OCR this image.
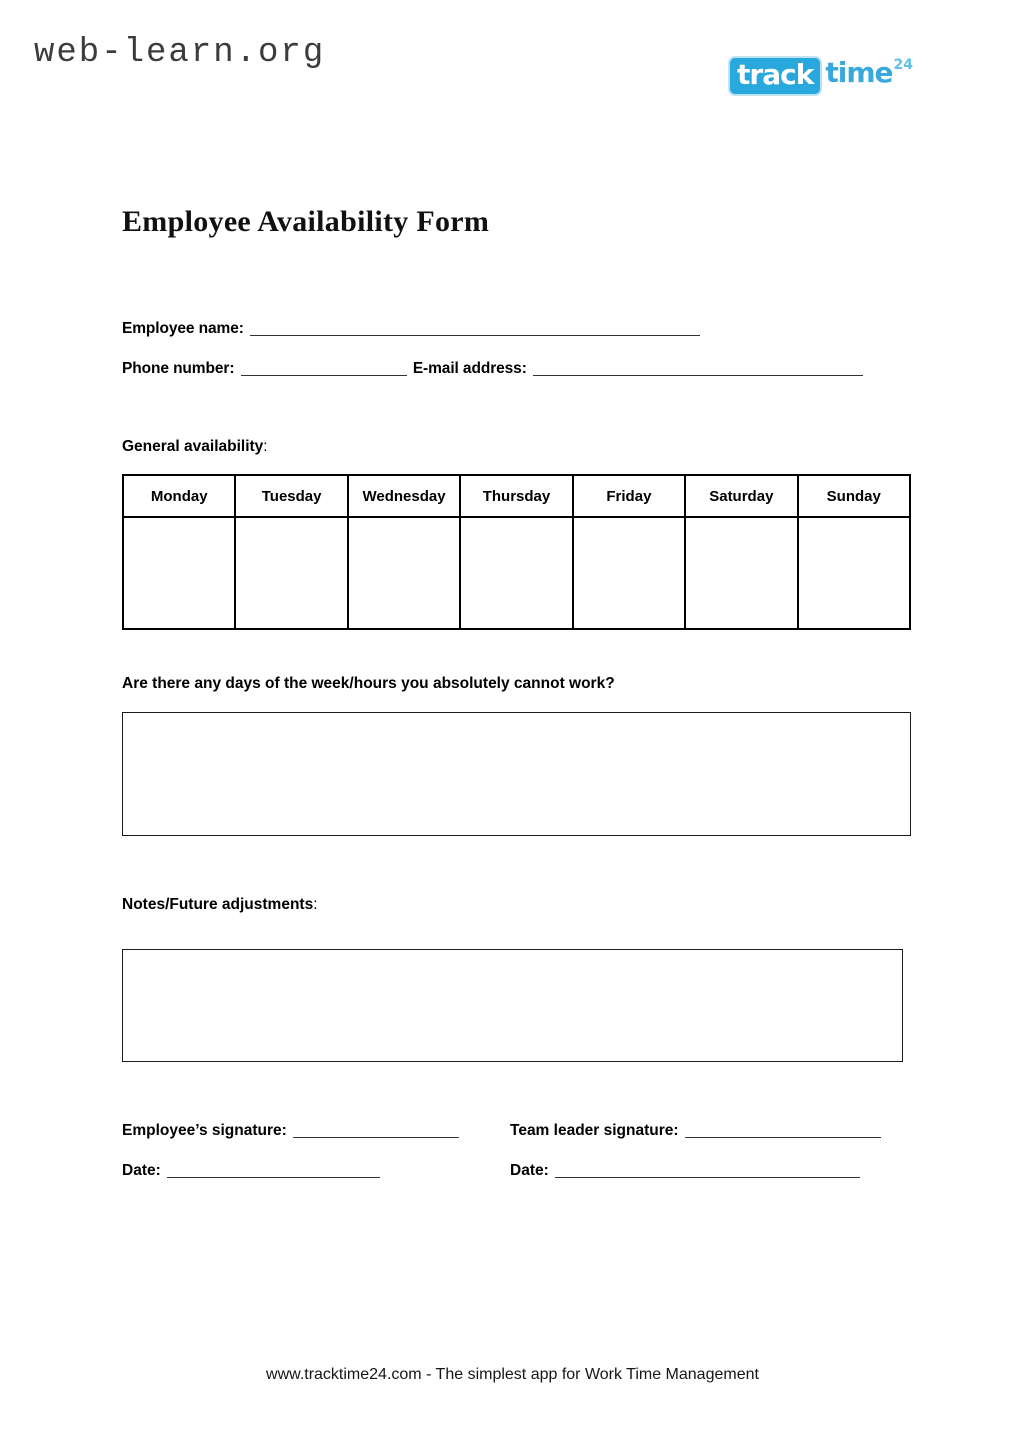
web-learn.org
track time 24
Employee Availability Form
Employee name:
Phone number:	E-mail address:
General availability:
Monday	Tuesday	Wednesday	Thursday	Friday	Saturday	Sunday

Are there any days of the week/hours you absolutely cannot work?
Notes/Future adjustments:
Employee’s signature:	Team leader signature:
Date:	Date:
www.tracktime24.com - The simplest app for Work Time Management
